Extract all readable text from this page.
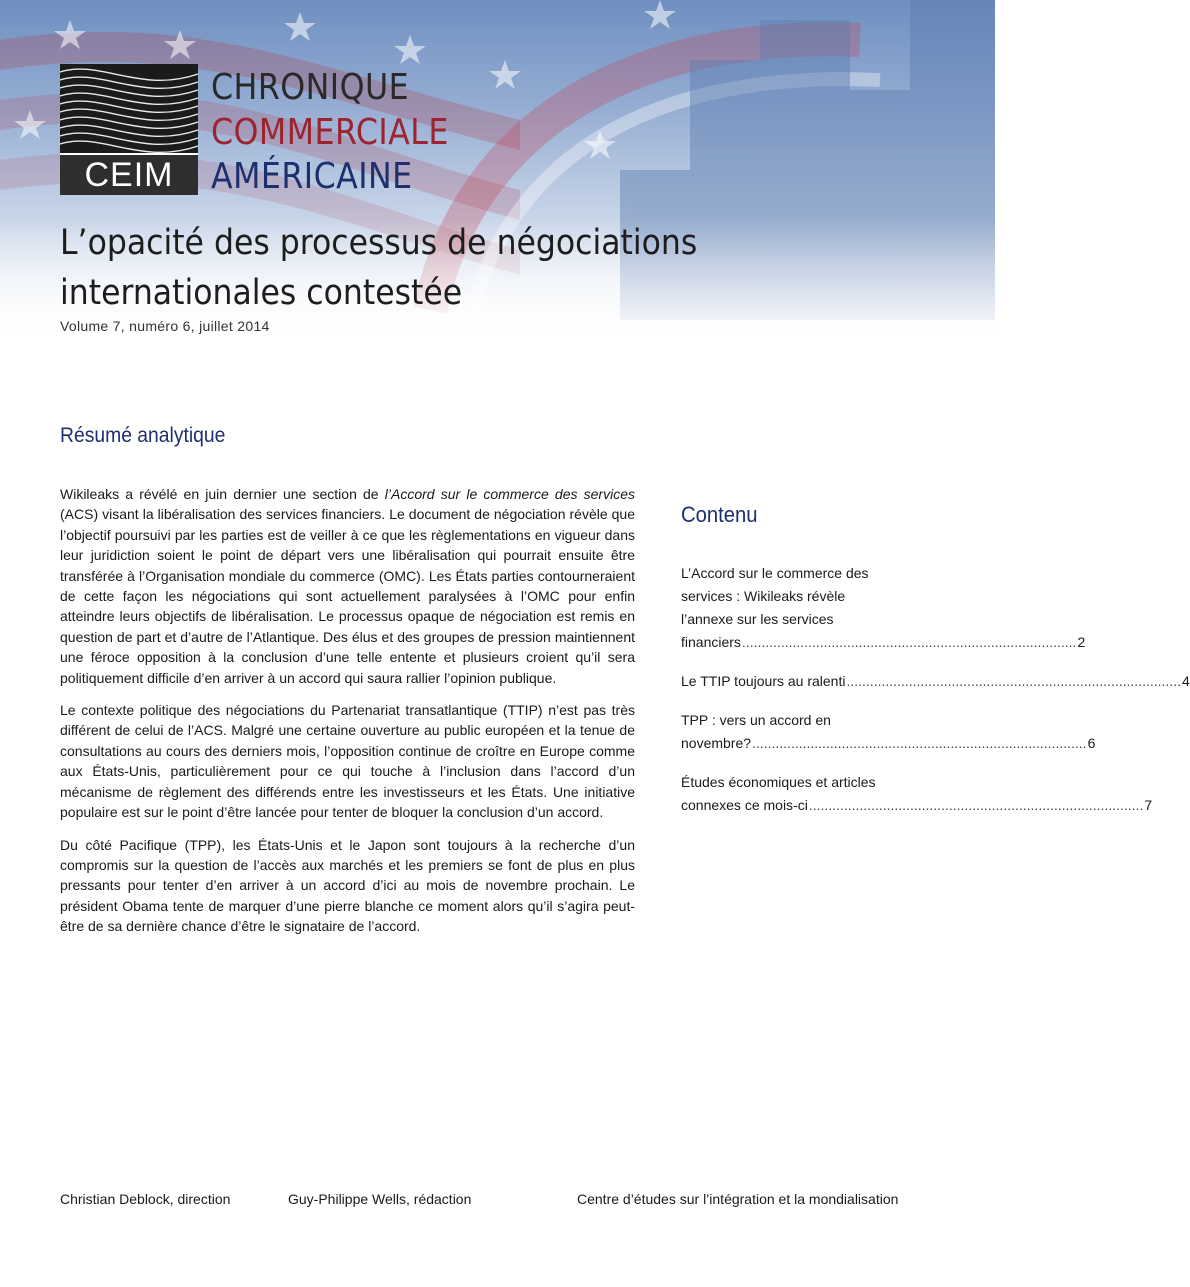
CEIM
CHRONIQUE
COMMERCIALE
AMÉRICAINE
L’opacité des processus de négociations
internationales contestée
Volume 7, numéro 6, juillet 2014
Résumé analytique

Wikileaks a révélé en juin dernier une section de l’Accord sur le commerce des services (ACS) visant la libéralisation des services financiers. Le document de négociation révèle que l’objectif poursuivi par les parties est de veiller à ce que les règlementations en vigueur dans leur juridiction soient le point de départ vers une libéralisation qui pourrait ensuite être transférée à l’Organisation mondiale du commerce (OMC). Les États parties contourneraient de cette façon les négociations qui sont actuellement paralysées à l’OMC pour enfin atteindre leurs objectifs de libéralisation. Le processus opaque de négociation est remis en question de part et d’autre de l’Atlantique. Des élus et des groupes de pression maintiennent une féroce opposition à la conclusion d’une telle entente et plusieurs croient qu’il sera politiquement difficile d’en arriver à un accord qui saura rallier l’opinion publique.

Le contexte politique des négociations du Partenariat transatlantique (TTIP) n’est pas très différent de celui de l’ACS. Malgré une certaine ouverture au public européen et la tenue de consultations au cours des derniers mois, l’opposition continue de croître en Europe comme aux États-Unis, particulièrement pour ce qui touche à l’inclusion dans l’accord d’un mécanisme de règlement des différends entre les investisseurs et les États. Une initiative populaire est sur le point d’être lancée pour tenter de bloquer la conclusion d’un accord.

Du côté Pacifique (TPP), les États-Unis et le Japon sont toujours à la recherche d’un compromis sur la question de l’accès aux marchés et les premiers se font de plus en plus pressants pour tenter d’en arriver à un accord d’ici au mois de novembre prochain. Le président Obama tente de marquer d’une pierre blanche ce moment alors qu’il s’agira peut-être de sa dernière chance d’être le signataire de l’accord.

Contenu
L’Accord sur le commerce des
services : Wikileaks révèle
l’annexe sur les services
financiers ...................................................................................... 2
Le TTIP toujours au ralenti ...................................................................................... 4
TPP : vers un accord en
novembre? ...................................................................................... 6
Études économiques et articles
connexes ce mois-ci ...................................................................................... 7
Christian Deblock, direction	Guy-Philippe Wells, rédaction	Centre d’études sur l’intégration et la mondialisation
